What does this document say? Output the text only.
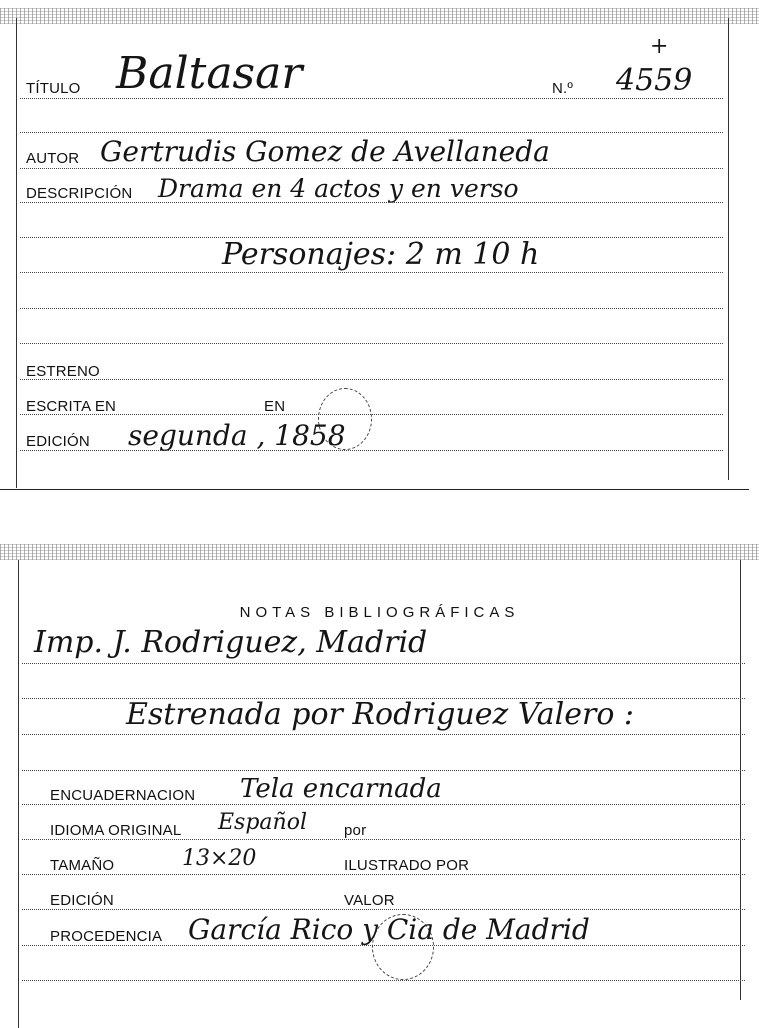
+
TÍTULO Baltasar	N.º 4559
AUTOR Gertrudis Gomez de Avellaneda
DESCRIPCIÓN Drama en 4 actos y en verso
Personajes: 2 m 10 h
ESTRENO
ESCRITA EN	EN
EDICIÓN segunda , 1858
NOTAS BIBLIOGRÁFICAS
Imp. J. Rodriguez, Madrid
Estrenada por Rodriguez Valero :
ENCUADERNACION Tela encarnada
IDIOMA ORIGINAL Español por
TAMAÑO	13×20	ILUSTRADO POR
EDICIÓN	VALOR
PROCEDENCIA García Rico y Cia de Madrid
